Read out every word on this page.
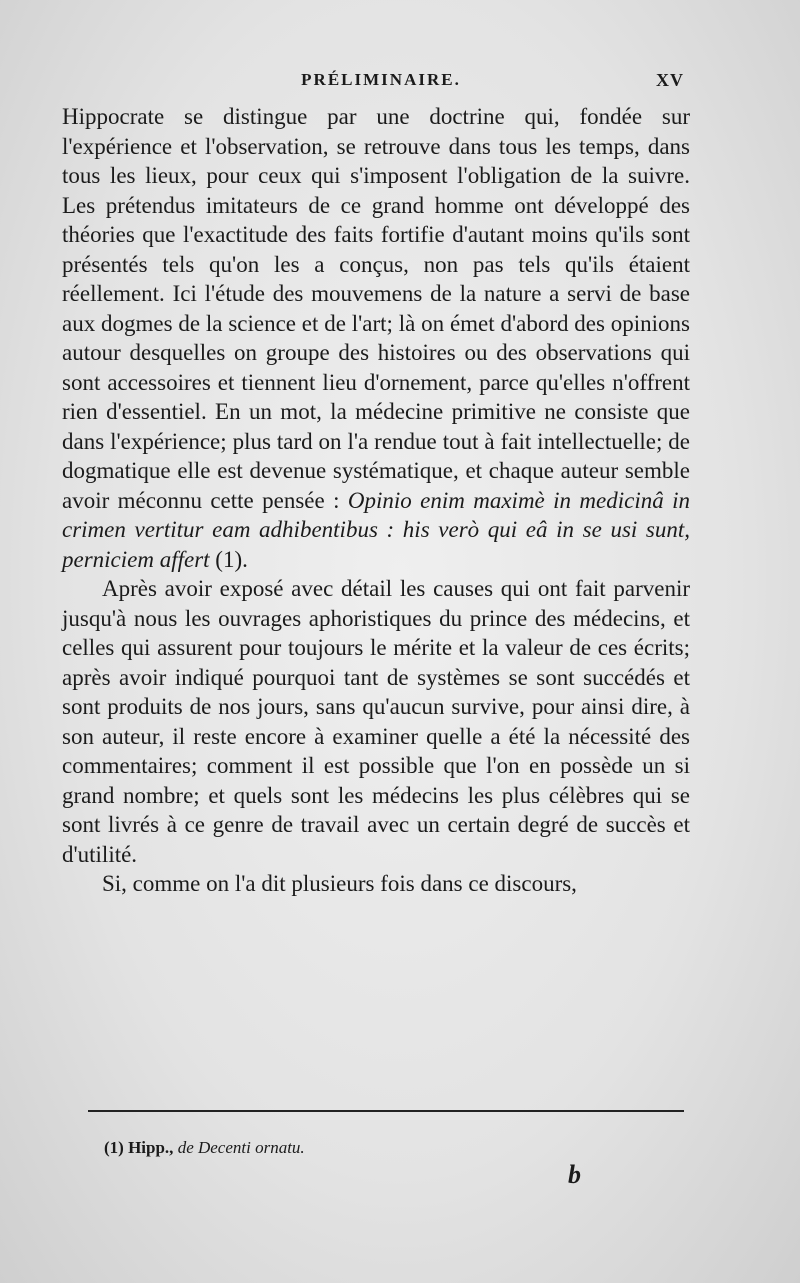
PRÉLIMINAIRE.	XV

Hippocrate se distingue par une doctrine qui, fondée sur l'expérience et l'observation, se retrouve dans tous les temps, dans tous les lieux, pour ceux qui s'imposent l'obligation de la suivre. Les prétendus imitateurs de ce grand homme ont développé des théories que l'exactitude des faits fortifie d'autant moins qu'ils sont présentés tels qu'on les a conçus, non pas tels qu'ils étaient réellement. Ici l'étude des mouvemens de la nature a servi de base aux dogmes de la science et de l'art; là on émet d'abord des opinions autour desquelles on groupe des histoires ou des observations qui sont accessoires et tiennent lieu d'ornement, parce qu'elles n'offrent rien d'essentiel. En un mot, la médecine primitive ne consiste que dans l'expérience; plus tard on l'a rendue tout à fait intellectuelle; de dogmatique elle est devenue systématique, et chaque auteur semble avoir méconnu cette pensée : Opinio enim maximè in medicinâ in crimen vertitur eam adhibentibus : his verò qui eâ in se usi sunt, perniciem affert (1).

Après avoir exposé avec détail les causes qui ont fait parvenir jusqu'à nous les ouvrages aphoristiques du prince des médecins, et celles qui assurent pour toujours le mérite et la valeur de ces écrits; après avoir indiqué pourquoi tant de systèmes se sont succédés et sont produits de nos jours, sans qu'aucun survive, pour ainsi dire, à son auteur, il reste encore à examiner quelle a été la nécessité des commentaires; comment il est possible que l'on en possède un si grand nombre; et quels sont les médecins les plus célèbres qui se sont livrés à ce genre de travail avec un certain degré de succès et d'utilité.

Si, comme on l'a dit plusieurs fois dans ce discours,

(1) Hipp., de Decenti ornatu.
b
